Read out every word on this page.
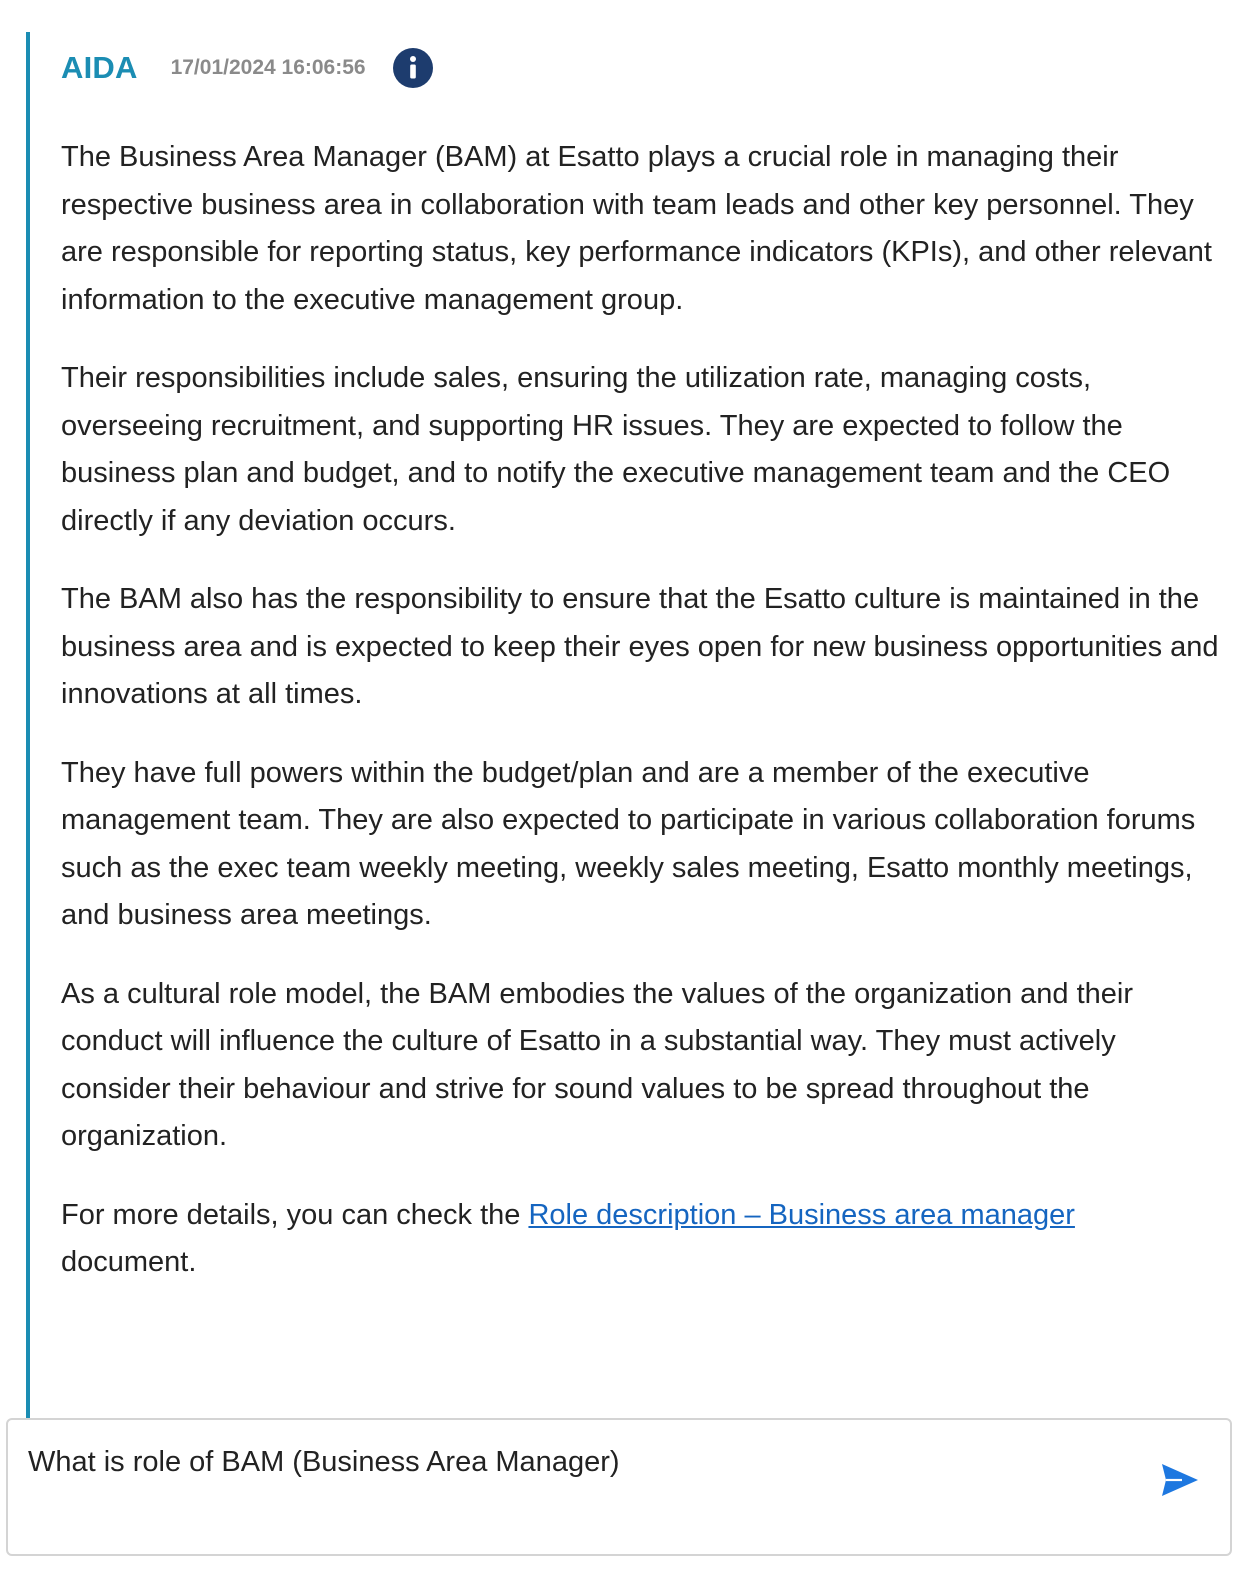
AIDA 17/01/2024 16:06:56

The Business Area Manager (BAM) at Esatto plays a crucial role in managing their respective business area in collaboration with team leads and other key personnel. They are responsible for reporting status, key performance indicators (KPIs), and other relevant information to the executive management group.

Their responsibilities include sales, ensuring the utilization rate, managing costs, overseeing recruitment, and supporting HR issues. They are expected to follow the business plan and budget, and to notify the executive management team and the CEO directly if any deviation occurs.

The BAM also has the responsibility to ensure that the Esatto culture is maintained in the business area and is expected to keep their eyes open for new business opportunities and innovations at all times.

They have full powers within the budget/plan and are a member of the executive management team. They are also expected to participate in various collaboration forums such as the exec team weekly meeting, weekly sales meeting, Esatto monthly meetings, and business area meetings.

As a cultural role model, the BAM embodies the values of the organization and their conduct will influence the culture of Esatto in a substantial way. They must actively consider their behaviour and strive for sound values to be spread throughout the organization.

For more details, you can check the Role description – Business area manager
document.

What is role of BAM (Business Area Manager)
